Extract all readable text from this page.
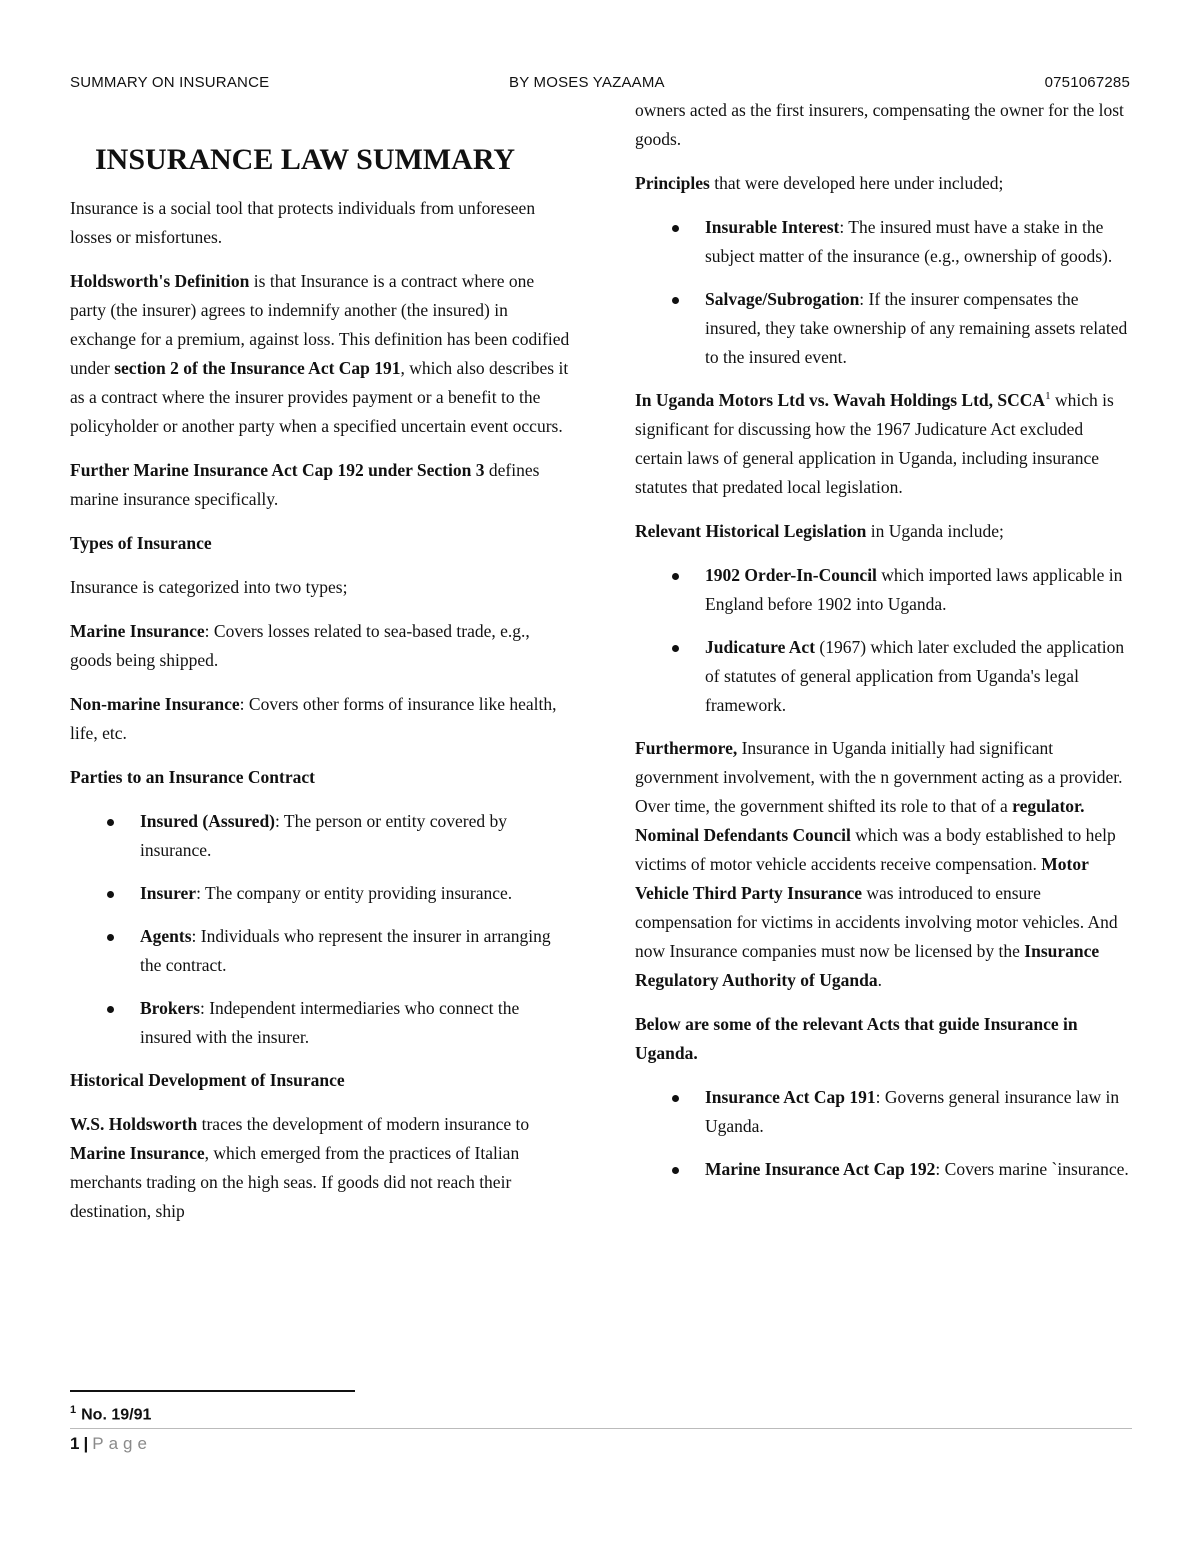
SUMMARY ON INSURANCE	BY MOSES YAZAAMA	0751067285

INSURANCE LAW SUMMARY

Insurance is a social tool that protects individuals from unforeseen losses or misfortunes.

Holdsworth's Definition is that Insurance is a contract where one party (the insurer) agrees to indemnify another (the insured) in exchange for a premium, against loss. This definition has been codified under section 2 of the Insurance Act Cap 191, which also describes it as a contract where the insurer provides payment or a benefit to the policyholder or another party when a specified uncertain event occurs.

Further Marine Insurance Act Cap 192 under Section 3 defines marine insurance specifically.

Types of Insurance

Insurance is categorized into two types;

Marine Insurance: Covers losses related to sea-based trade, e.g., goods being shipped.

Non-marine Insurance: Covers other forms of insurance like health, life, etc.

Parties to an Insurance Contract

Insured (Assured): The person or entity covered by insurance.
Insurer: The company or entity providing insurance.
Agents: Individuals who represent the insurer in arranging the contract.
Brokers: Independent intermediaries who connect the insured with the insurer.

Historical Development of Insurance

W.S. Holdsworth traces the development of modern insurance to Marine Insurance, which emerged from the practices of Italian merchants trading on the high seas. If goods did not reach their destination, ship

owners acted as the first insurers, compensating the owner for the lost goods.

Principles that were developed here under included;

Insurable Interest: The insured must have a stake in the subject matter of the insurance (e.g., ownership of goods).
Salvage/Subrogation: If the insurer compensates the insured, they take ownership of any remaining assets related to the insured event.

In Uganda Motors Ltd vs. Wavah Holdings Ltd, SCCA$^1$ which is significant for discussing how the 1967 Judicature Act excluded certain laws of general application in Uganda, including insurance statutes that predated local legislation.

Relevant Historical Legislation in Uganda include;

1902 Order-In-Council which imported laws applicable in England before 1902 into Uganda.
Judicature Act (1967) which later excluded the application of statutes of general application from Uganda's legal framework.

Furthermore, Insurance in Uganda initially had significant government involvement, with the n government acting as a provider. Over time, the government shifted its role to that of a regulator. Nominal Defendants Council which was a body established to help victims of motor vehicle accidents receive compensation. Motor Vehicle Third Party Insurance was introduced to ensure compensation for victims in accidents involving motor vehicles. And now Insurance companies must now be licensed by the Insurance Regulatory Authority of Uganda.

Below are some of the relevant Acts that guide Insurance in Uganda.

Insurance Act Cap 191: Governs general insurance law in Uganda.
Marine Insurance Act Cap 192: Covers marine `insurance.
$^1$ No. 19/91
1 | Page
